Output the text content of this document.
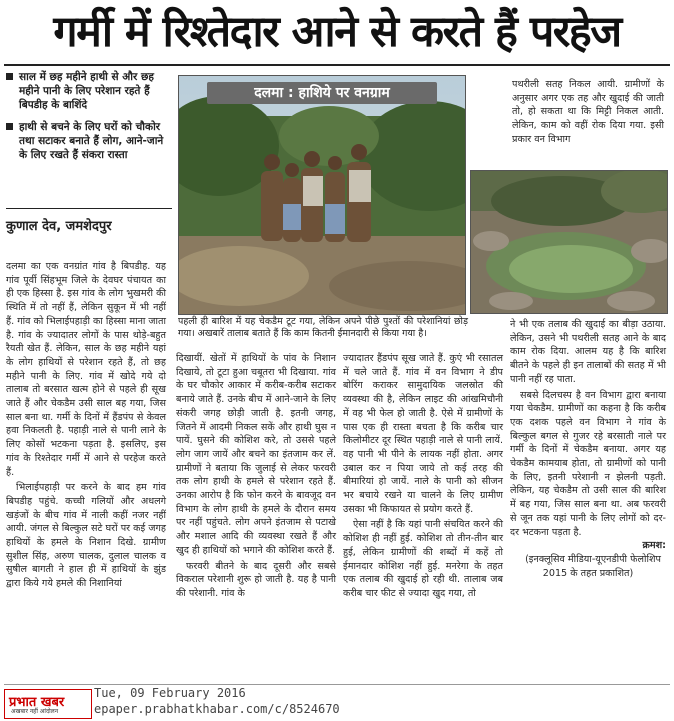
गर्मी में रिश्तेदार आने से करते हैं परहेज
साल में छह महीने हाथी से और छह महीने पानी के लिए परेशान रहते हैं बिपडीह के बाशिंदे
हाथी से बचने के लिए घरों को चौकोर तथा सटाकर बनाते हैं लोग, आने-जाने के लिए रखते हैं संकरा रास्ता
कुणाल देव, जमशेदपुर
दलमा : हाशिये पर वनग्राम
पहली ही बारिश में यह चेकडैम टूट गया, लेकिन अपने पीछे पुश्तों की परेशानियां छोड़ गया। अखबारें तालाब बताते हैं कि काम कितनी ईमानदारी से किया गया है।

दलमा का एक वनग्रांत गांव है बिपडीह. यह गांव पूर्वी सिंहभूम जिले के देवघर पंचायत का ही एक हिस्सा है. इस गांव के लोग भुखमरी की स्थिति में तो नहीं हैं, लेकिन सुकून में भी नहीं हैं. गांव को भिलाईपहाड़ी का हिस्सा माना जाता है. गांव के ज्यादातर लोगों के पास थोड़े-बहुत रैयती खेत हैं. लेकिन, साल के छह महीने यहां के लोग हाथियों से परेशान रहते हैं, तो छह महीने पानी के लिए. गांव में खोदे गये दो तालाब तो बरसात खत्म होने से पहले ही सूख जाते हैं और चेकडैम उसी साल बह गया, जिस साल बना था. गर्मी के दिनों में हैंडपंप से केवल हवा निकलती है. पहाड़ी नाले से पानी लाने के लिए कोसों भटकना पड़ता है. इसलिए, इस गांव के रिश्तेदार गर्मी में आने से परहेज करते हैं.

भिलाईपहाड़ी पर करने के बाद हम गांव बिपडीह पहुंचे. कच्ची गलियों और अधलगे खड़ंजों के बीच गांव में नाली कहीं नजर नहीं आयी. जंगल से बिल्कुल सटे घरों पर कई जगह हाथियों के हमले के निशान दिखे. ग्रामीण सुशील सिंह, अरुण चालक, दुलाल चालक व सुषील बागती ने हाल ही में हाथियों के झुंड द्वारा किये गये हमले की निशानियां

दिखायीं. खेतों में हाथियों के पांव के निशान दिखाये, तो टूटा हुआ चबूतरा भी दिखाया. गांव के घर चौकोर आकार में करीब-करीब सटाकर बनाये जाते हैं. उनके बीच में आने-जाने के लिए संकरी जगह छोड़ी जाती है. इतनी जगह, जितने में आदमी निकल सकें और हाथी घुस न पायें. घुसने की कोशिश करे, तो उससे पहले लोग जाग जायें और बचने का इंतजाम कर लें. ग्रामीणों ने बताया कि जुलाई से लेकर फरवरी तक लोग हाथी के हमले से परेशान रहते हैं. उनका आरोप है कि फोन करने के बावजूद वन विभाग के लोग हाथी के हमले के दौरान समय पर नहीं पहुंचते. लोग अपने इंतजाम से पटाखे और मशाल आदि की व्यवस्था रखते हैं और खुद ही हाथियों को भगाने की कोशिश करते हैं.

फरवरी बीतने के बाद दूसरी और सबसे विकराल परेशानी शुरू हो जाती है. यह है पानी की परेशानी. गांव के

ज्यादातर हैंडपंप सूख जाते हैं. कुएं भी रसातल में चले जाते हैं. गांव में वन विभाग ने डीप बोरिंग कराकर सामुदायिक जलस्रोत की व्यवस्था की है, लेकिन लाइट की आंखमिचौनी में वह भी फेल हो जाती है. ऐसे में ग्रामीणों के पास एक ही रास्ता बचता है कि करीब चार किलोमीटर दूर स्थित पहाड़ी नाले से पानी लायें. वह पानी भी पीने के लायक नहीं होता. अगर उबाल कर न पिया जाये तो कई तरह की बीमारियां हो जायें. नाले के पानी को सीजन भर बचाये रखने या चालने के लिए ग्रामीण उसका भी किफायत से प्रयोग करते हैं.

ऐसा नहीं है कि यहां पानी संचयित करने की कोशिश ही नहीं हुई. कोशिश तो तीन-तीन बार हुई, लेकिन ग्रामीणों की शब्दों में कहें तो ईमानदार कोशिश नहीं हुई. मनरेगा के तहत एक तलाब की खुदाई हो रही थी. तालाब जब करीब चार फीट से ज्यादा खुद गया, तो

पथरीली सतह निकल आयी. ग्रामीणों के अनुसार अगर एक तह और खुदाई की जाती तो, हो सकता था कि मिट्टी निकल आती. लेकिन, काम को वहीं रोक दिया गया. इसी प्रकार वन विभाग

ने भी एक तलाब की खुदाई का बीड़ा उठाया. लेकिन, उसने भी पथरीली सतह आने के बाद काम रोक दिया. आलम यह है कि बारिश बीतने के पहले ही इन तालाबों की सतह में भी पानी नहीं रह पाता.

सबसे दिलचस्प है वन विभाग द्वारा बनाया गया चेकडैम. ग्रामीणों का कहना है कि करीब एक दशक पहले वन विभाग ने गांव के बिल्कुल बगल से गुजर रहे बरसाती नाले पर गर्मी के दिनों में चेकडैम बनाया. अगर यह चेकडैम कामयाब होता, तो ग्रामीणों को पानी के लिए, इतनी परेशानी न झेलनी पड़ती. लेकिन, यह चेकडैम तो उसी साल की बारिश में बह गया, जिस साल बना था. अब फरवरी से जून तक यहां पानी के लिए लोगों को दर-दर भटकना पड़ता है.

क्रमश:

(इनक्लूसिव मीडिया-यूएनडीपी फेलोशिप 2015 के तहत प्रकाशित)

प्रभात खबर
अखबार नहीं आंदोलन
Tue, 09 February 2016
epaper.prabhatkhabar.com/c/8524670
